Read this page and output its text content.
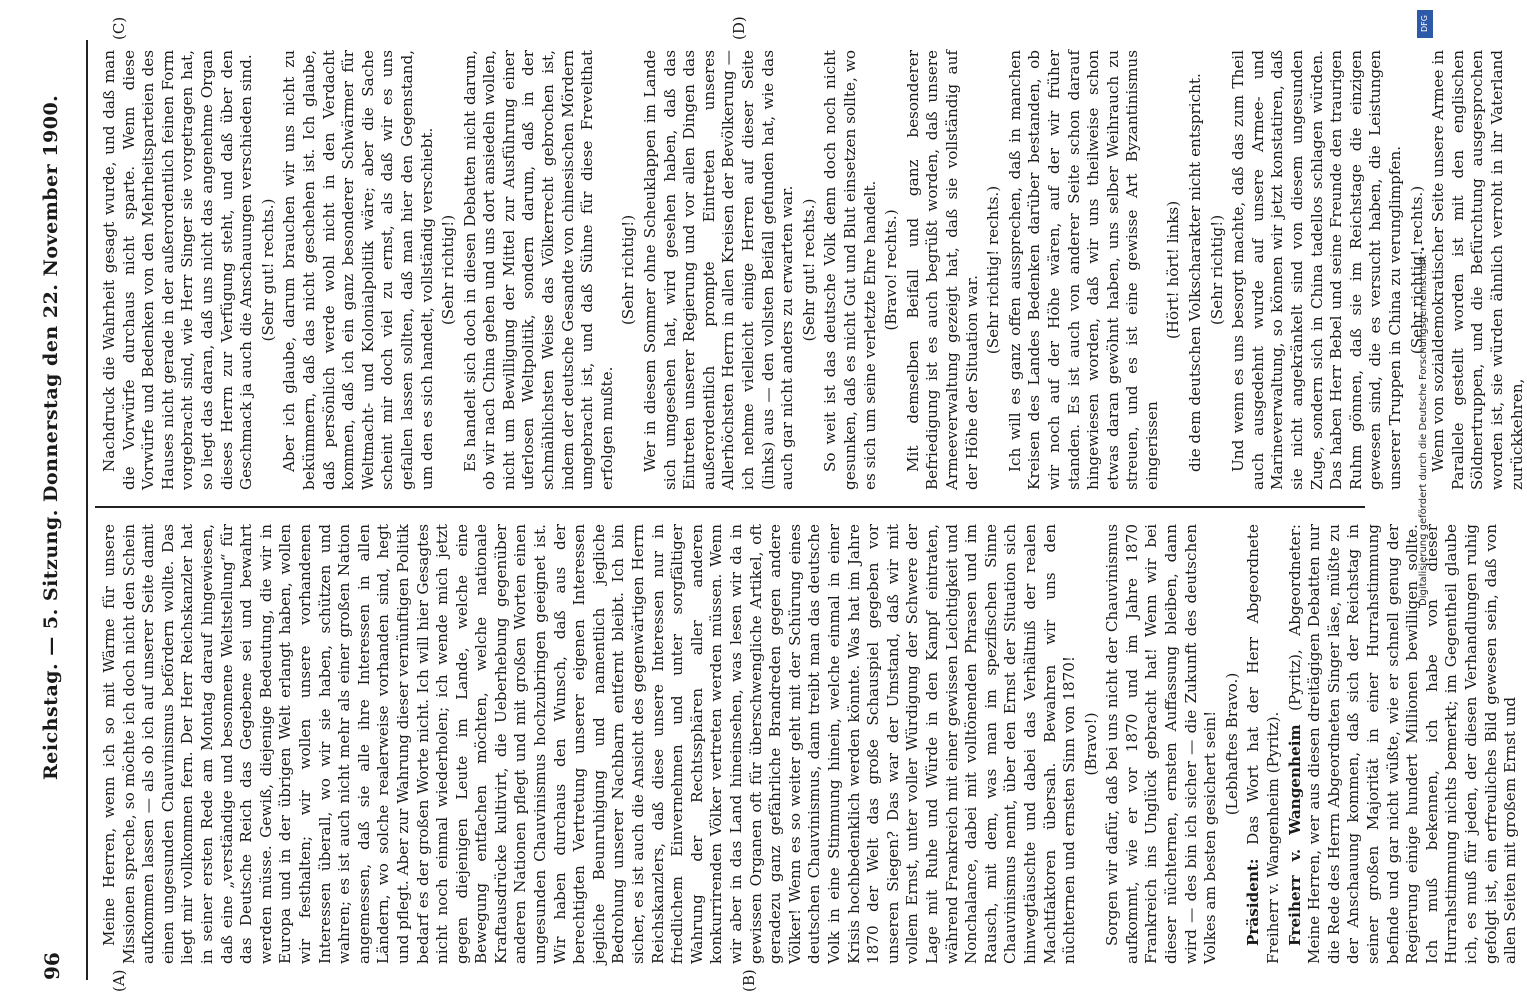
96
Reichstag. — 5. Sitzung. Donnerstag den 22. November 1900.
(A)	(B)
(C)	(D)

Meine Herren, wenn ich so mit Wärme für unsere Missionen spreche, so möchte ich doch nicht den Schein aufkommen lassen — als ob ich auf unserer Seite damit einen ungesunden Chauvinismus befördern wollte. Das liegt mir vollkommen fern. Der Herr Reichskanzler hat in seiner ersten Rede am Montag darauf hingewiesen, daß eine „verständige und besonnene Weltstellung“ für das Deutsche Reich das Gegebene sei und bewahrt werden müsse. Gewiß, diejenige Bedeutung, die wir in Europa und in der übrigen Welt erlangt haben, wollen wir festhalten; wir wollen unsere vorhandenen Interessen überall, wo wir sie haben, schützen und wahren; es ist auch nicht mehr als einer großen Nation angemessen, daß sie alle ihre Interessen in allen Ländern, wo solche realerweise vorhanden sind, hegt und pflegt. Aber zur Wahrung dieser vernünftigen Politik bedarf es der großen Worte nicht. Ich will hier Gesagtes nicht noch einmal wiederholen; ich wende mich jetzt gegen diejenigen Leute im Lande, welche eine Bewegung entfachen möchten, welche nationale Kraftausdrücke kultivirt, die Ueberhebung gegenüber anderen Nationen pflegt und mit großen Worten einen ungesunden Chauvinismus hochzubringen geeignet ist. Wir haben durchaus den Wunsch, daß aus der berechtigten Vertretung unserer eigenen Interessen jegliche Beunruhigung und namentlich jegliche Bedrohung unserer Nachbarn entfernt bleibt. Ich bin sicher, es ist auch die Ansicht des gegenwärtigen Herrn Reichskanzlers, daß diese unsere Interessen nur in friedlichem Einvernehmen und unter sorgfältiger Wahrung der Rechtssphären aller anderen konkurrirenden Völker vertreten werden müssen. Wenn wir aber in das Land hineinsehen, was lesen wir da in gewissen Organen oft für überschwengliche Artikel, oft geradezu ganz gefährliche Brandreden gegen andere Völker! Wenn es so weiter geht mit der Schürung eines deutschen Chauvinismus, dann treibt man das deutsche Volk in eine Stimmung hinein, welche einmal in einer Krisis hochbedenklich werden könnte. Was hat im Jahre 1870 der Welt das große Schauspiel gegeben vor unseren Siegen? Das war der Umstand, daß wir mit vollem Ernst, unter voller Würdigung der Schwere der Lage mit Ruhe und Würde in den Kampf eintraten, während Frankreich mit einer gewissen Leichtigkeit und Nonchalance, dabei mit volltönenden Phrasen und im Rausch, mit dem, was man im spezifischen Sinne Chauvinismus nennt, über den Ernst der Situation sich hinwegtäuschte und dabei das Verhältniß der realen Machtfaktoren übersah. Bewahren wir uns den nüchternen und ernsten Sinn von 1870! (Bravo!) Sorgen wir dafür, daß bei uns nicht der Chauvinismus aufkommt, wie er vor 1870 und im Jahre 1870 Frankreich ins Unglück gebracht hat! Wenn wir bei dieser nüchternen, ernsten Auffassung bleiben, dann wird — des bin ich sicher — die Zukunft des deutschen Volkes am besten gesichert sein! (Lebhaftes Bravo.)

Präsident: Das Wort hat der Herr Abgeordnete Freiherr v. Wangenheim (Pyritz). Freiherr v. Wangenheim (Pyritz), Abgeordneter: Meine Herren, wer aus diesen dreitägigen Debatten nur die Rede des Herrn Abgeordneten Singer läse, müßte zu der Anschauung kommen, daß sich der Reichstag in seiner großen Majorität in einer Hurrahstimmung befinde und gar nicht wüßte, wie er schnell genug der Regierung einige hundert Millionen bewilligen sollte. Ich muß bekennen, ich habe von dieser Hurrahstimmung nichts bemerkt; im Gegentheil glaube ich, es muß für jeden, der diesen Verhandlungen ruhig gefolgt ist, ein erfreuliches Bild gewesen sein, daß von allen Seiten mit großem Ernst und

Nachdruck die Wahrheit gesagt wurde, und daß man die Vorwürfe durchaus nicht sparte. Wenn diese Vorwürfe und Bedenken von den Mehrheitsparteien des Hauses nicht gerade in der außerordentlich feinen Form vorgebracht sind, wie Herr Singer sie vorgetragen hat, so liegt das daran, daß uns nicht das angenehme Organ dieses Herrn zur Verfügung steht, und daß über den Geschmack ja auch die Anschauungen verschieden sind. (Sehr gut! rechts.) Aber ich glaube, darum brauchen wir uns nicht zu bekümmern, daß das nicht geschehen ist. Ich glaube, daß persönlich werde wohl nicht in den Verdacht kommen, daß ich ein ganz besonderer Schwärmer für Weltmacht- und Kolonialpolitik wäre; aber die Sache scheint mir doch viel zu ernst, als daß wir es uns gefallen lassen sollten, daß man hier den Gegenstand, um den es sich handelt, vollständig verschiebt. (Sehr richtig!) Es handelt sich doch in diesen Debatten nicht darum, ob wir nach China gehen und uns dort ansiedeln wollen, nicht um Bewilligung der Mittel zur Ausführung einer uferlosen Weltpolitik, sondern darum, daß in der schmählichsten Weise das Völkerrecht gebrochen ist, indem der deutsche Gesandte von chinesischen Mördern umgebracht ist, und daß Sühne für diese Frevelthat erfolgen mußte.

(Sehr richtig!) Wer in diesem Sommer ohne Scheuklappen im Lande sich umgesehen hat, wird gesehen haben, daß das Eintreten unserer Regierung und vor allen Dingen das außerordentlich prompte Eintreten unseres Allerhöchsten Herrn in allen Kreisen der Bevölkerung — ich nehme vielleicht einige Herren auf dieser Seite (links) aus — den vollsten Beifall gefunden hat, wie das auch gar nicht anders zu erwarten war. (Sehr gut! rechts.) So weit ist das deutsche Volk denn doch noch nicht gesunken, daß es nicht Gut und Blut einsetzen sollte, wo es sich um seine verletzte Ehre handelt. (Bravo! rechts.) Mit demselben Beifall und ganz besonderer Befriedigung ist es auch begrüßt worden, daß unsere Armeeverwaltung gezeigt hat, daß sie vollständig auf der Höhe der Situation war.

(Sehr richtig! rechts.) Ich will es ganz offen aussprechen, daß in manchen Kreisen des Landes Bedenken darüber bestanden, ob wir noch auf der Höhe wären, auf der wir früher standen. Es ist auch von anderer Seite schon darauf hingewiesen worden, daß wir uns theilweise schon etwas daran gewöhnt haben, uns selber Weihrauch zu streuen, und es ist eine gewisse Art Byzantinismus eingerissen

(Hört! hört! links) die dem deutschen Volkscharakter nicht entspricht. (Sehr richtig!) Und wenn es uns besorgt machte, daß das zum Theil auch ausgedehnt wurde auf unsere Armee- und Marineverwaltung, so können wir jetzt konstatiren, daß sie nicht angekränkelt sind von diesem ungesunden Zuge, sondern sich in China tadellos schlagen würden. Das haben Herr Bebel und seine Freunde den traurigen Ruhm gönnen, daß sie im Reichstage die einzigen gewesen sind, die es versucht haben, die Leistungen unserer Truppen in China zu verunglimpfen. (Sehr richtig! rechts.) Wenn von sozialdemokratischer Seite unsere Armee in Parallele gestellt worden ist mit den englischen Söldnertruppen, und die Befürchtung ausgesprochen worden ist, sie würden ähnlich verroht in ihr Vaterland zurückkehren,

DFG
Digitalisierung gefördert durch die Deutsche Forschungsgemeinschaft •
